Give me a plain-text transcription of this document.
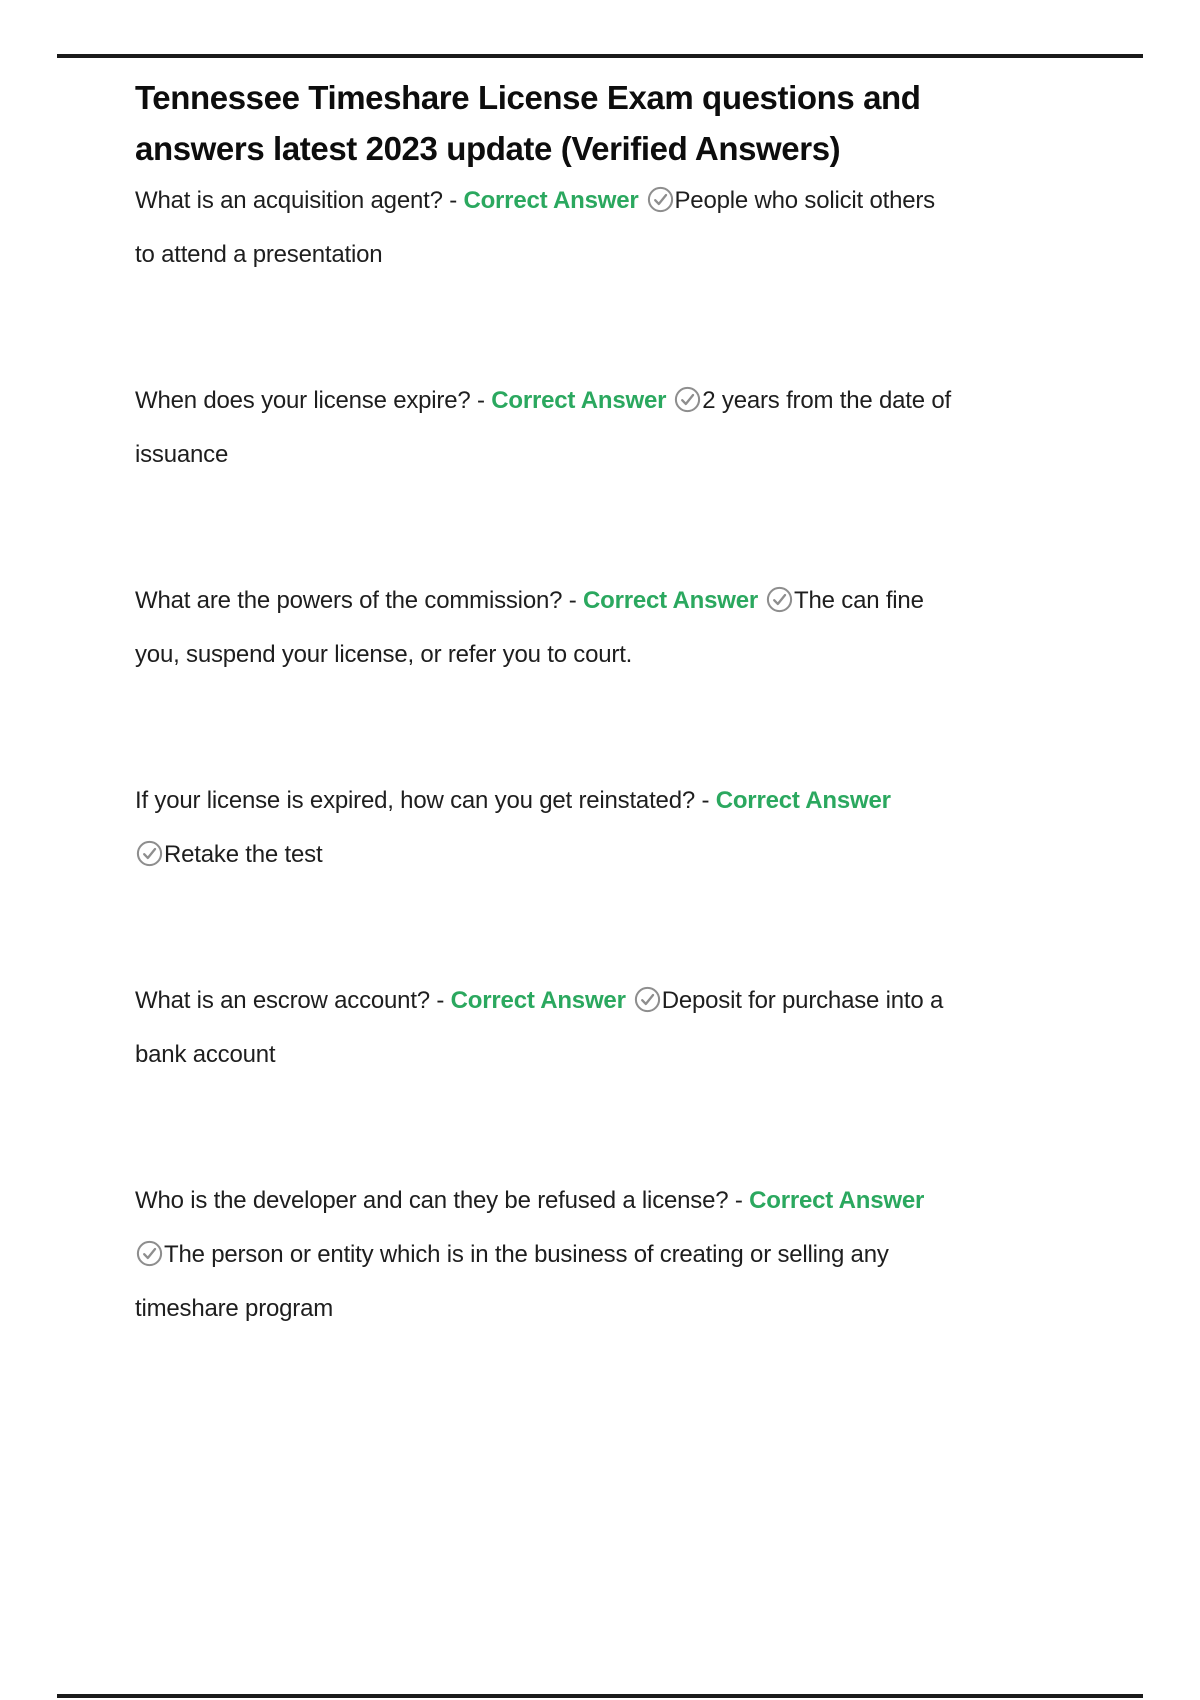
Tennessee Timeshare License Exam questions and
answers latest 2023 update (Verified Answers)
What is an acquisition agent? - Correct Answer People who solicit others
to attend a presentation
When does your license expire? - Correct Answer 2 years from the date of
issuance
What are the powers of the commission? - Correct Answer The can fine
you, suspend your license, or refer you to court.
If your license is expired, how can you get reinstated? - Correct Answer
Retake the test
What is an escrow account? - Correct Answer Deposit for purchase into a
bank account
Who is the developer and can they be refused a license? - Correct Answer
The person or entity which is in the business of creating or selling any
timeshare program
